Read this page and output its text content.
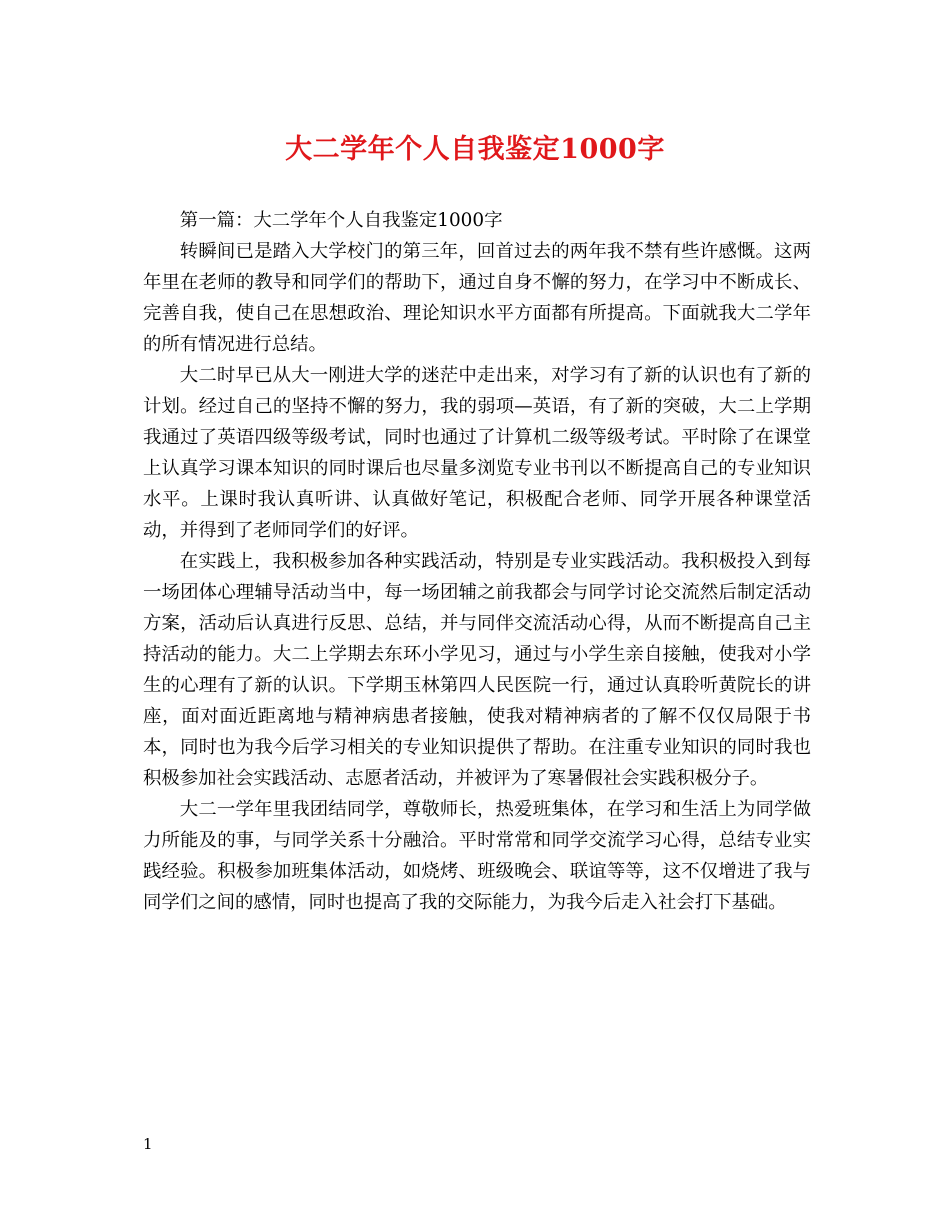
大二学年个人自我鉴定1000字

第一篇：大二学年个人自我鉴定1000字

转瞬间已是踏入大学校门的第三年，回首过去的两年我不禁有些许感慨。这两年里在老师的教导和同学们的帮助下，通过自身不懈的努力，在学习中不断成长、完善自我，使自己在思想政治、理论知识水平方面都有所提高。下面就我大二学年的所有情况进行总结。

大二时早已从大一刚进大学的迷茫中走出来，对学习有了新的认识也有了新的计划。经过自己的坚持不懈的努力，我的弱项—英语，有了新的突破，大二上学期我通过了英语四级等级考试，同时也通过了计算机二级等级考试。平时除了在课堂上认真学习课本知识的同时课后也尽量多浏览专业书刊以不断提高自己的专业知识水平。上课时我认真听讲、认真做好笔记，积极配合老师、同学开展各种课堂活动，并得到了老师同学们的好评。

在实践上，我积极参加各种实践活动，特别是专业实践活动。我积极投入到每一场团体心理辅导活动当中，每一场团辅之前我都会与同学讨论交流然后制定活动方案，活动后认真进行反思、总结，并与同伴交流活动心得，从而不断提高自己主持活动的能力。大二上学期去东环小学见习，通过与小学生亲自接触，使我对小学生的心理有了新的认识。下学期玉林第四人民医院一行，通过认真聆听黄院长的讲座，面对面近距离地与精神病患者接触，使我对精神病者的了解不仅仅局限于书本，同时也为我今后学习相关的专业知识提供了帮助。在注重专业知识的同时我也积极参加社会实践活动、志愿者活动，并被评为了寒暑假社会实践积极分子。

大二一学年里我团结同学，尊敬师长，热爱班集体，在学习和生活上为同学做力所能及的事，与同学关系十分融洽。平时常常和同学交流学习心得，总结专业实践经验。积极参加班集体活动，如烧烤、班级晚会、联谊等等，这不仅增进了我与同学们之间的感情，同时也提高了我的交际能力，为我今后走入社会打下基础。

1
